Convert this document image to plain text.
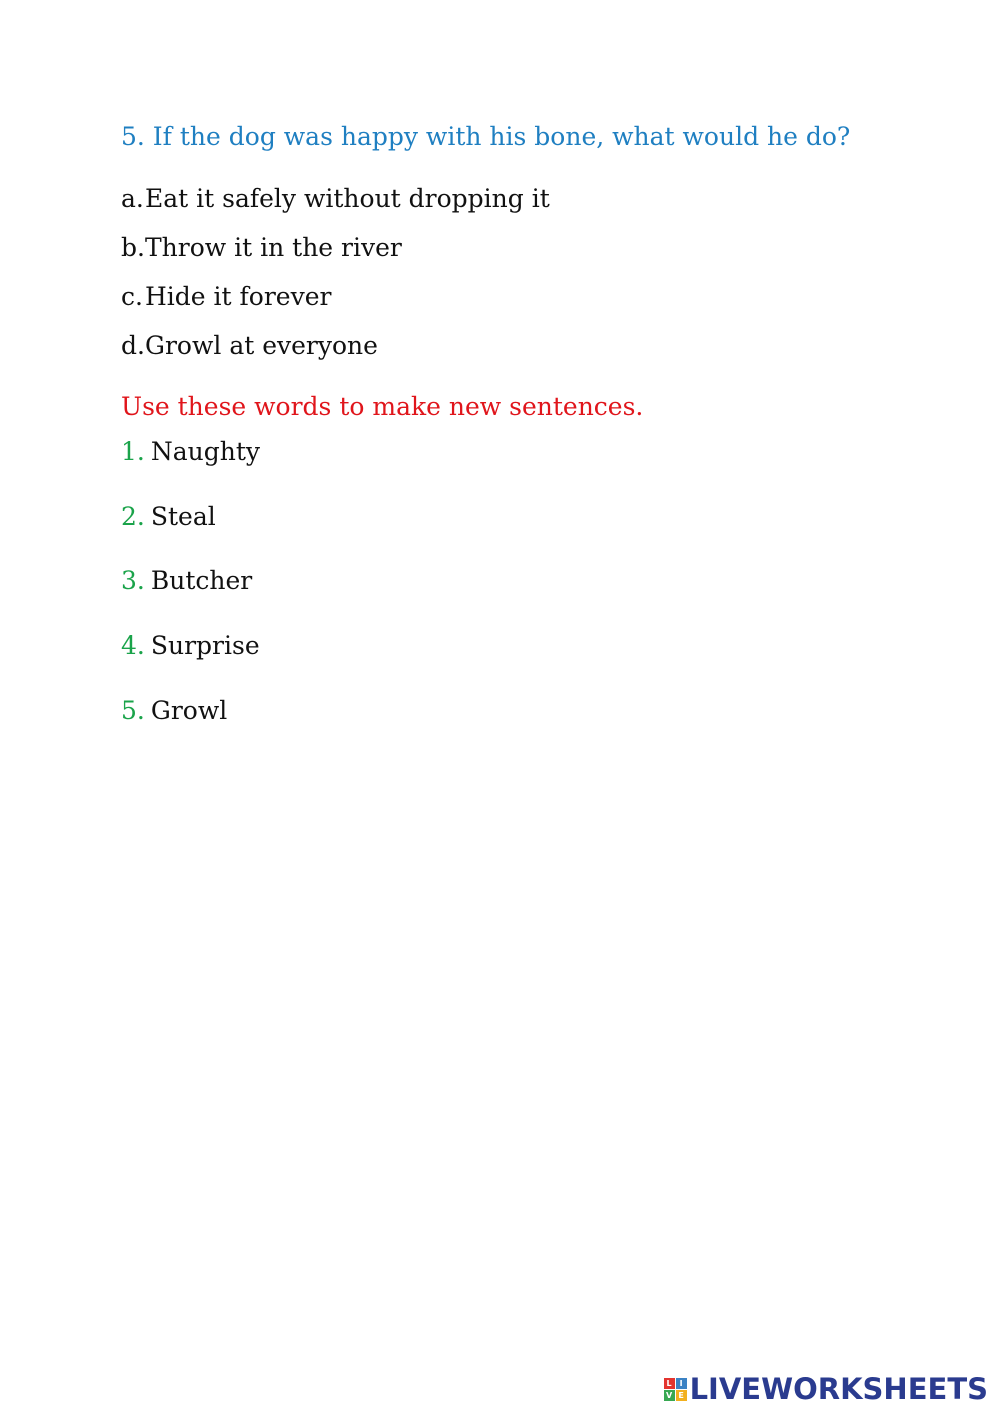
5. If the dog was happy with his bone, what would he do?
a. Eat it safely without dropping it
b. Throw it in the river
c. Hide it forever
d. Growl at everyone
Use these words to make new sentences.
1. Naughty
2. Steal
3. Butcher
4. Surprise
5. Growl
L I
V E LIVEWORKSHEETS
